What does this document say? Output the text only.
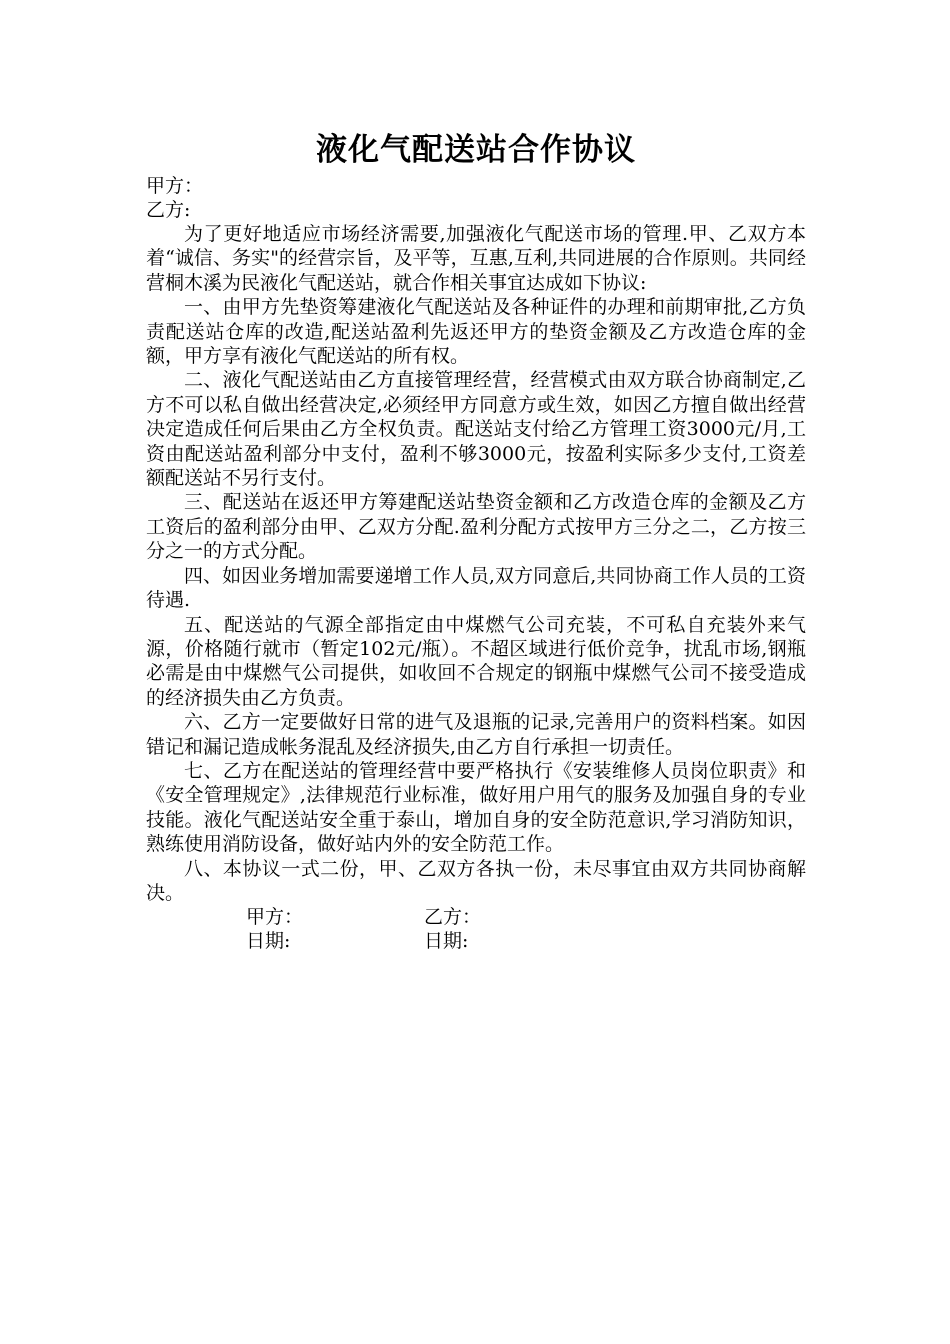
液化气配送站合作协议
甲方：
乙方:
为了更好地适应市场经济需要,加强液化气配送市场的管理.甲、乙双方本着“诚信、务实"的经营宗旨，及平等，互惠,互利,共同进展的合作原则。共同经营桐木溪为民液化气配送站，就合作相关事宜达成如下协议:
一、由甲方先垫资筹建液化气配送站及各种证件的办理和前期审批,乙方负责配送站仓库的改造,配送站盈利先返还甲方的垫资金额及乙方改造仓库的金额，甲方享有液化气配送站的所有权。
二、液化气配送站由乙方直接管理经营，经营模式由双方联合协商制定,乙方不可以私自做出经营决定,必须经甲方同意方或生效，如因乙方擅自做出经营决定造成任何后果由乙方全权负责。配送站支付给乙方管理工资3000元/月,工资由配送站盈利部分中支付，盈利不够3000元，按盈利实际多少支付,工资差额配送站不另行支付。
三、配送站在返还甲方筹建配送站垫资金额和乙方改造仓库的金额及乙方工资后的盈利部分由甲、乙双方分配.盈利分配方式按甲方三分之二，乙方按三分之一的方式分配。
四、如因业务增加需要递增工作人员,双方同意后,共同协商工作人员的工资待遇.
五、配送站的气源全部指定由中煤燃气公司充装，不可私自充装外来气源，价格随行就市（暂定102元/瓶）。不超区域进行低价竞争，扰乱市场,钢瓶必需是由中煤燃气公司提供，如收回不合规定的钢瓶中煤燃气公司不接受造成的经济损失由乙方负责。
六、乙方一定要做好日常的进气及退瓶的记录,完善用户的资料档案。如因错记和漏记造成帐务混乱及经济损失,由乙方自行承担一切责任。
七、乙方在配送站的管理经营中要严格执行《安装维修人员岗位职责》和《安全管理规定》,法律规范行业标准，做好用户用气的服务及加强自身的专业技能。液化气配送站安全重于泰山，增加自身的安全防范意识,学习消防知识，熟练使用消防设备，做好站内外的安全防范工作。
八、本协议一式二份，甲、乙双方各执一份，未尽事宜由双方共同协商解决。
甲方：	乙方：
日期:	日期:
